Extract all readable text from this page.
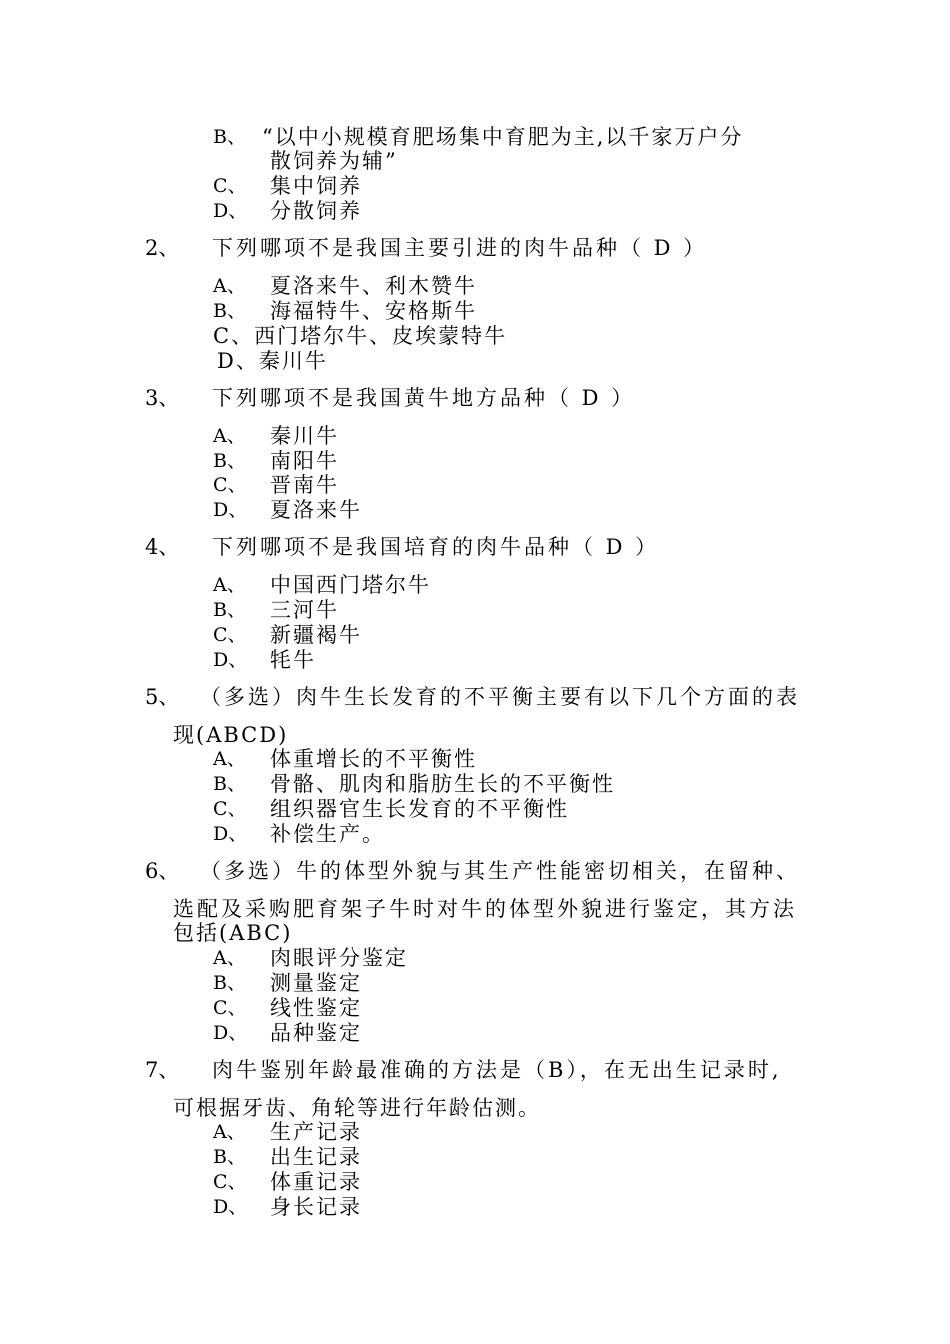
B、 “以中小规模育肥场集中育肥为主,以千家万户分
散饲养为辅”
C、 集中饲养
D、 分散饲养
2、 下列哪项不是我国主要引进的肉牛品种（ D ）
A、 夏洛来牛、利木赞牛
B、 海福特牛、安格斯牛
C、西门塔尔牛、皮埃蒙特牛
D、秦川牛
3、 下列哪项不是我国黄牛地方品种（ D ）
A、 秦川牛
B、 南阳牛
C、 晋南牛
D、 夏洛来牛
4、 下列哪项不是我国培育的肉牛品种（ D ）
A、 中国西门塔尔牛
B、 三河牛
C、 新疆褐牛
D、 牦牛
5、 （多选）肉牛生长发育的不平衡主要有以下几个方面的表
现(ABCD)
A、 体重增长的不平衡性
B、 骨骼、肌肉和脂肪生长的不平衡性
C、 组织器官生长发育的不平衡性
D、 补偿生产。
6、 （多选）牛的体型外貌与其生产性能密切相关，在留种、
选配及采购肥育架子牛时对牛的体型外貌进行鉴定，其方法
包括(ABC)
A、 肉眼评分鉴定
B、 测量鉴定
C、 线性鉴定
D、 品种鉴定
7、 肉牛鉴别年龄最准确的方法是（B），在无出生记录时,
可根据牙齿、角轮等进行年龄估测。
A、 生产记录
B、 出生记录
C、 体重记录
D、 身长记录
